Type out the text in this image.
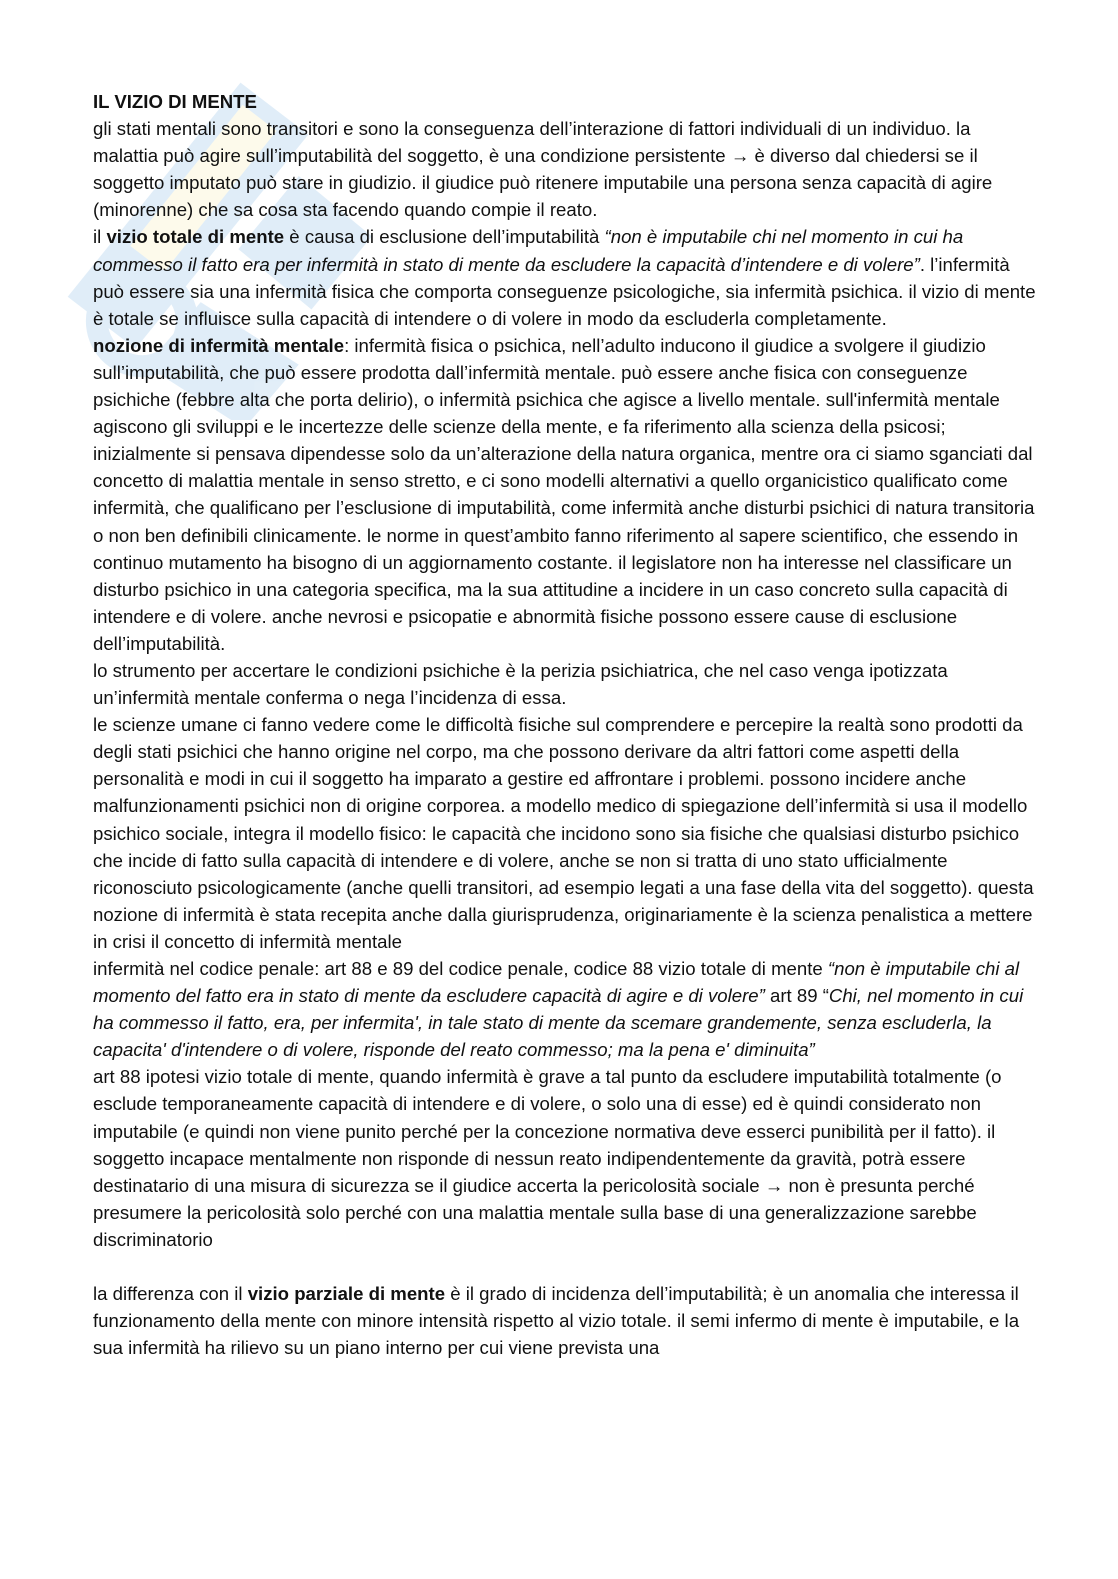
IL VIZIO DI MENTE

gli stati mentali sono transitori e sono la conseguenza dell’interazione di fattori individuali di un individuo. la malattia può agire sull’imputabilità del soggetto, è una condizione persistente → è diverso dal chiedersi se il soggetto imputato può stare in giudizio. il giudice può ritenere imputabile una persona senza capacità di agire (minorenne) che sa cosa sta facendo quando compie il reato.

il vizio totale di mente è causa di esclusione dell’imputabilità “non è imputabile chi nel momento in cui ha commesso il fatto era per infermità in stato di mente da escludere la capacità d’intendere e di volere”. l’infermità può essere sia una infermità fisica che comporta conseguenze psicologiche, sia infermità psichica. il vizio di mente è totale se influisce sulla capacità di intendere o di volere in modo da escluderla completamente.

nozione di infermità mentale: infermità fisica o psichica, nell’adulto inducono il giudice a svolgere il giudizio sull’imputabilità, che può essere prodotta dall’infermità mentale. può essere anche fisica con conseguenze psichiche (febbre alta che porta delirio), o infermità psichica che agisce a livello mentale. sull'infermità mentale agiscono gli sviluppi e le incertezze delle scienze della mente, e fa riferimento alla scienza della psicosi; inizialmente si pensava dipendesse solo da un’alterazione della natura organica, mentre ora ci siamo sganciati dal concetto di malattia mentale in senso stretto, e ci sono modelli alternativi a quello organicistico qualificato come infermità, che qualificano per l’esclusione di imputabilità, come infermità anche disturbi psichici di natura transitoria o non ben definibili clinicamente. le norme in quest’ambito fanno riferimento al sapere scientifico, che essendo in continuo mutamento ha bisogno di un aggiornamento costante. il legislatore non ha interesse nel classificare un disturbo psichico in una categoria specifica, ma la sua attitudine a incidere in un caso concreto sulla capacità di intendere e di volere. anche nevrosi e psicopatie e abnormità fisiche possono essere cause di esclusione dell’imputabilità.

lo strumento per accertare le condizioni psichiche è la perizia psichiatrica, che nel caso venga ipotizzata un’infermità mentale conferma o nega l’incidenza di essa.

le scienze umane ci fanno vedere come le difficoltà fisiche sul comprendere e percepire la realtà sono prodotti da degli stati psichici che hanno origine nel corpo, ma che possono derivare da altri fattori come aspetti della personalità e modi in cui il soggetto ha imparato a gestire ed affrontare i problemi. possono incidere anche malfunzionamenti psichici non di origine corporea. a modello medico di spiegazione dell’infermità si usa il modello psichico sociale, integra il modello fisico: le capacità che incidono sono sia fisiche che qualsiasi disturbo psichico che incide di fatto sulla capacità di intendere e di volere, anche se non si tratta di uno stato ufficialmente riconosciuto psicologicamente (anche quelli transitori, ad esempio legati a una fase della vita del soggetto). questa nozione di infermità è stata recepita anche dalla giurisprudenza, originariamente è la scienza penalistica a mettere in crisi il concetto di infermità mentale

infermità nel codice penale: art 88 e 89 del codice penale, codice 88 vizio totale di mente “non è imputabile chi al momento del fatto era in stato di mente da escludere capacità di agire e di volere” art 89 “Chi, nel momento in cui ha commesso il fatto, era, per infermita', in tale stato di mente da scemare grandemente, senza escluderla, la capacita' d'intendere o di volere, risponde del reato commesso; ma la pena e' diminuita”

art 88 ipotesi vizio totale di mente, quando infermità è grave a tal punto da escludere imputabilità totalmente (o esclude temporaneamente capacità di intendere e di volere, o solo una di esse) ed è quindi considerato non imputabile (e quindi non viene punito perché per la concezione normativa deve esserci punibilità per il fatto). il soggetto incapace mentalmente non risponde di nessun reato indipendentemente da gravità, potrà essere destinatario di una misura di sicurezza se il giudice accerta la pericolosità sociale → non è presunta perché presumere la pericolosità solo perché con una malattia mentale sulla base di una generalizzazione sarebbe discriminatorio

la differenza con il vizio parziale di mente è il grado di incidenza dell’imputabilità; è un anomalia che interessa il funzionamento della mente con minore intensità rispetto al vizio totale. il semi infermo di mente è imputabile, e la sua infermità ha rilievo su un piano interno per cui viene prevista una
